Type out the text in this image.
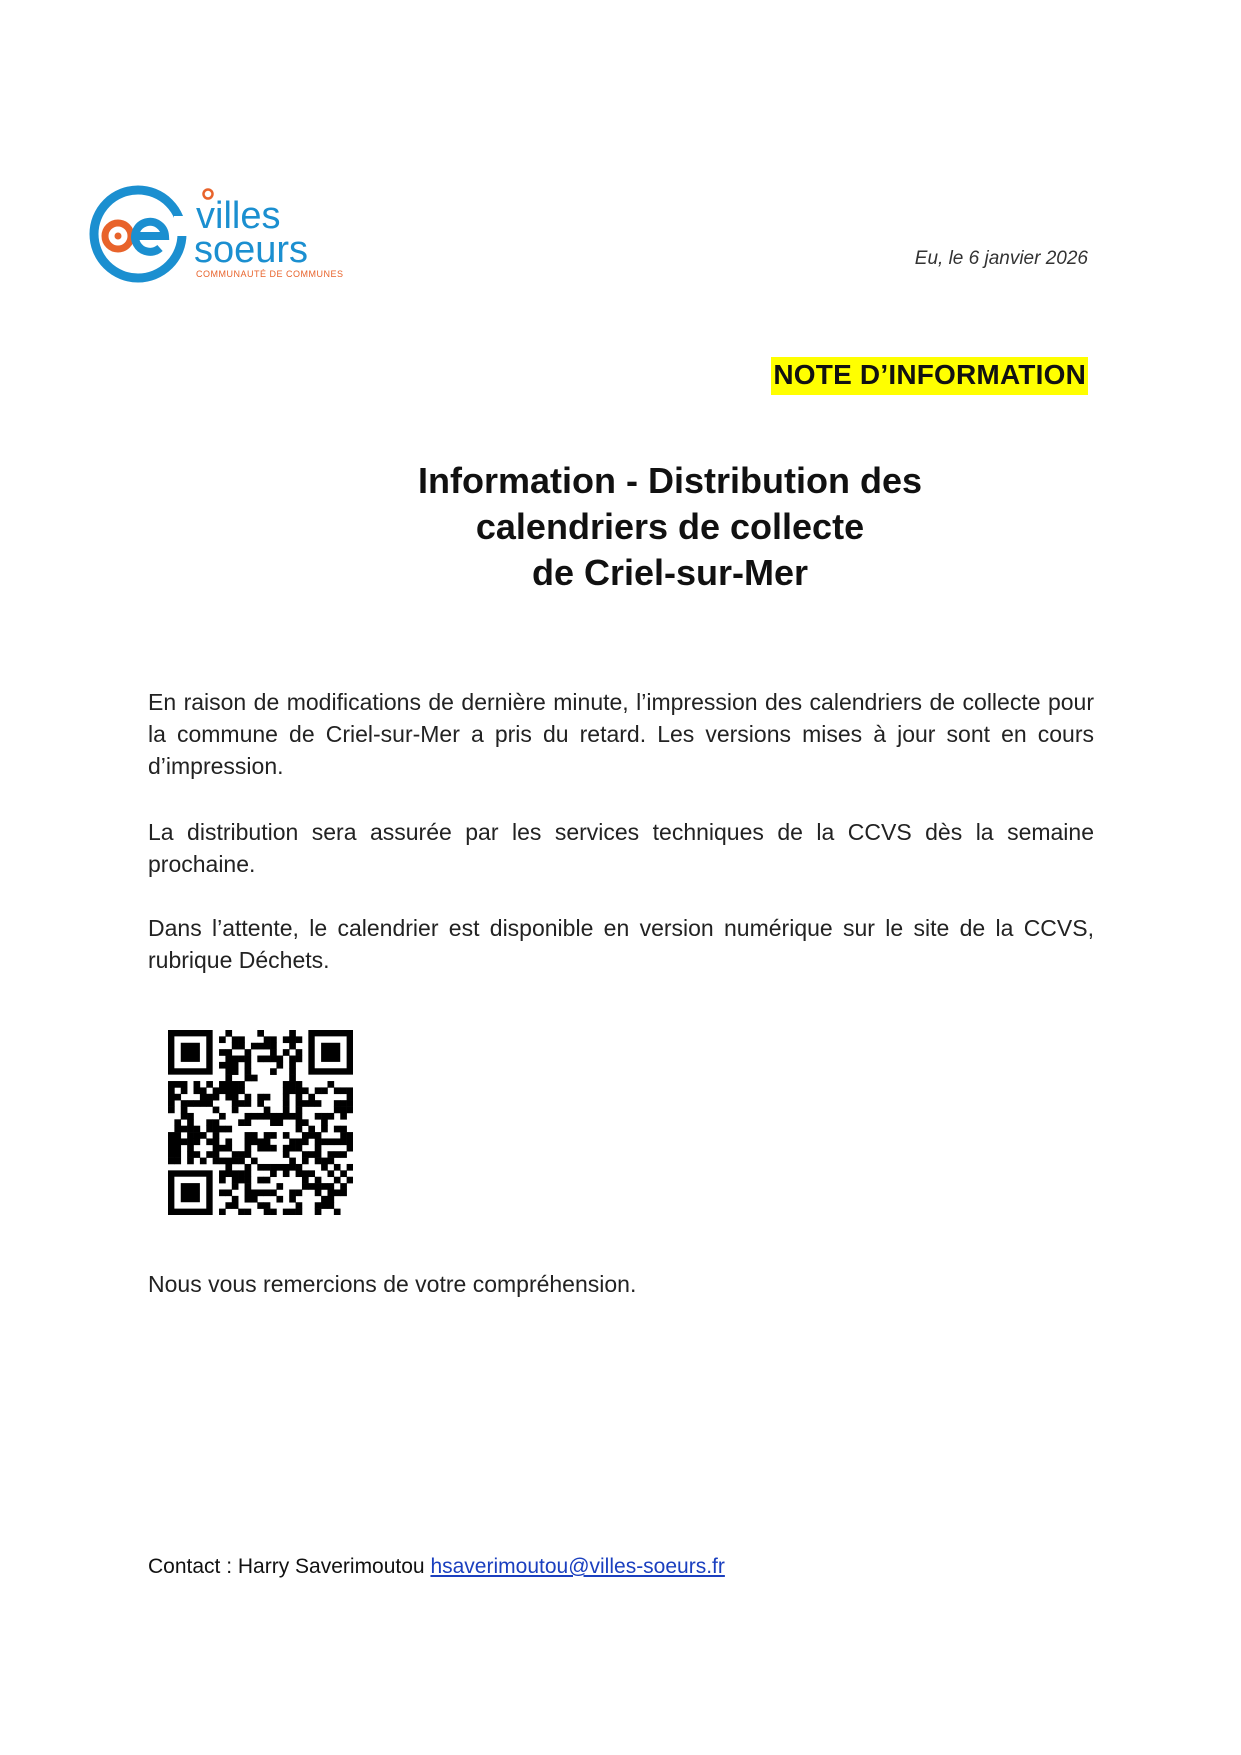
villes
soeurs
COMMUNAUTÉ DE COMMUNES
Eu, le 6 janvier 2026
NOTE D’INFORMATION
Information - Distribution des
calendriers de collecte
de Criel-sur-Mer

En raison de modifications de dernière minute, l’impression des calendriers de collecte pour la commune de Criel-sur-Mer a pris du retard. Les versions mises à jour sont en cours d’impression.

La distribution sera assurée par les services techniques de la CCVS dès la semaine prochaine.

Dans l’attente, le calendrier est disponible en version numérique sur le site de la CCVS, rubrique Déchets.

Nous vous remercions de votre compréhension.
Contact : Harry Saverimoutou hsaverimoutou@villes-soeurs.fr
